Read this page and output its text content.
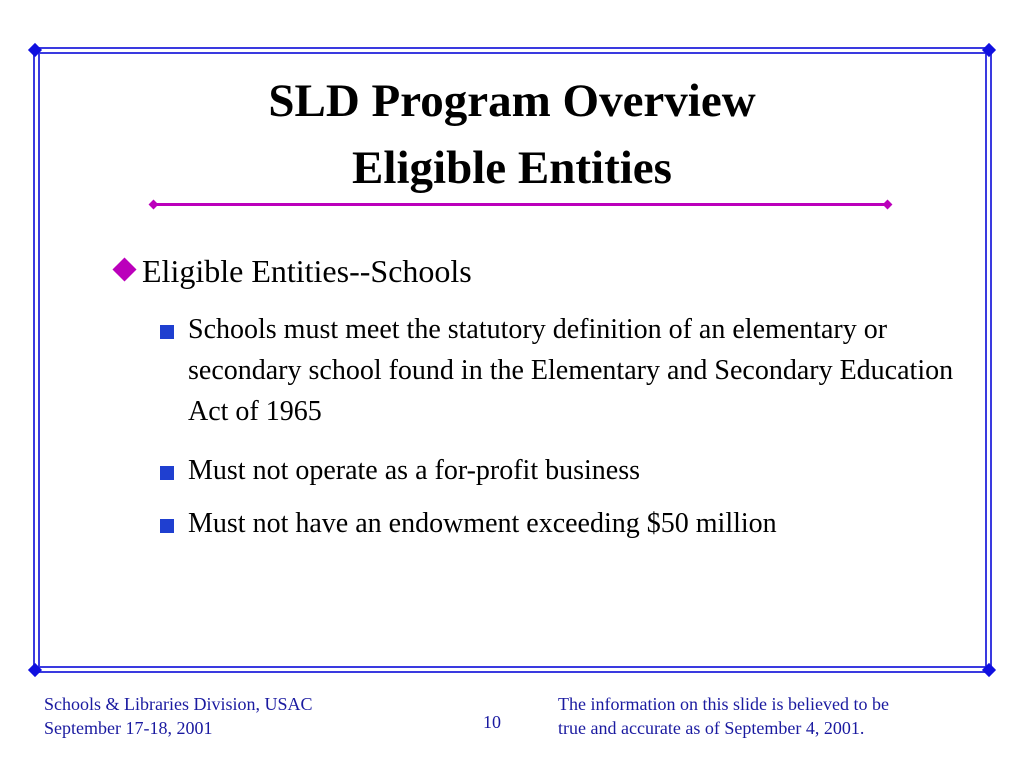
SLD Program Overview
Eligible Entities
Eligible Entities--Schools
Schools must meet the statutory definition of an elementary or secondary school found in the Elementary and Secondary Education Act of 1965
Must not operate as a for-profit business
Must not have an endowment exceeding $50 million
Schools & Libraries Division, USAC
September 17-18, 2001	10
The information on this slide is believed to be
true and accurate as of September 4, 2001.
